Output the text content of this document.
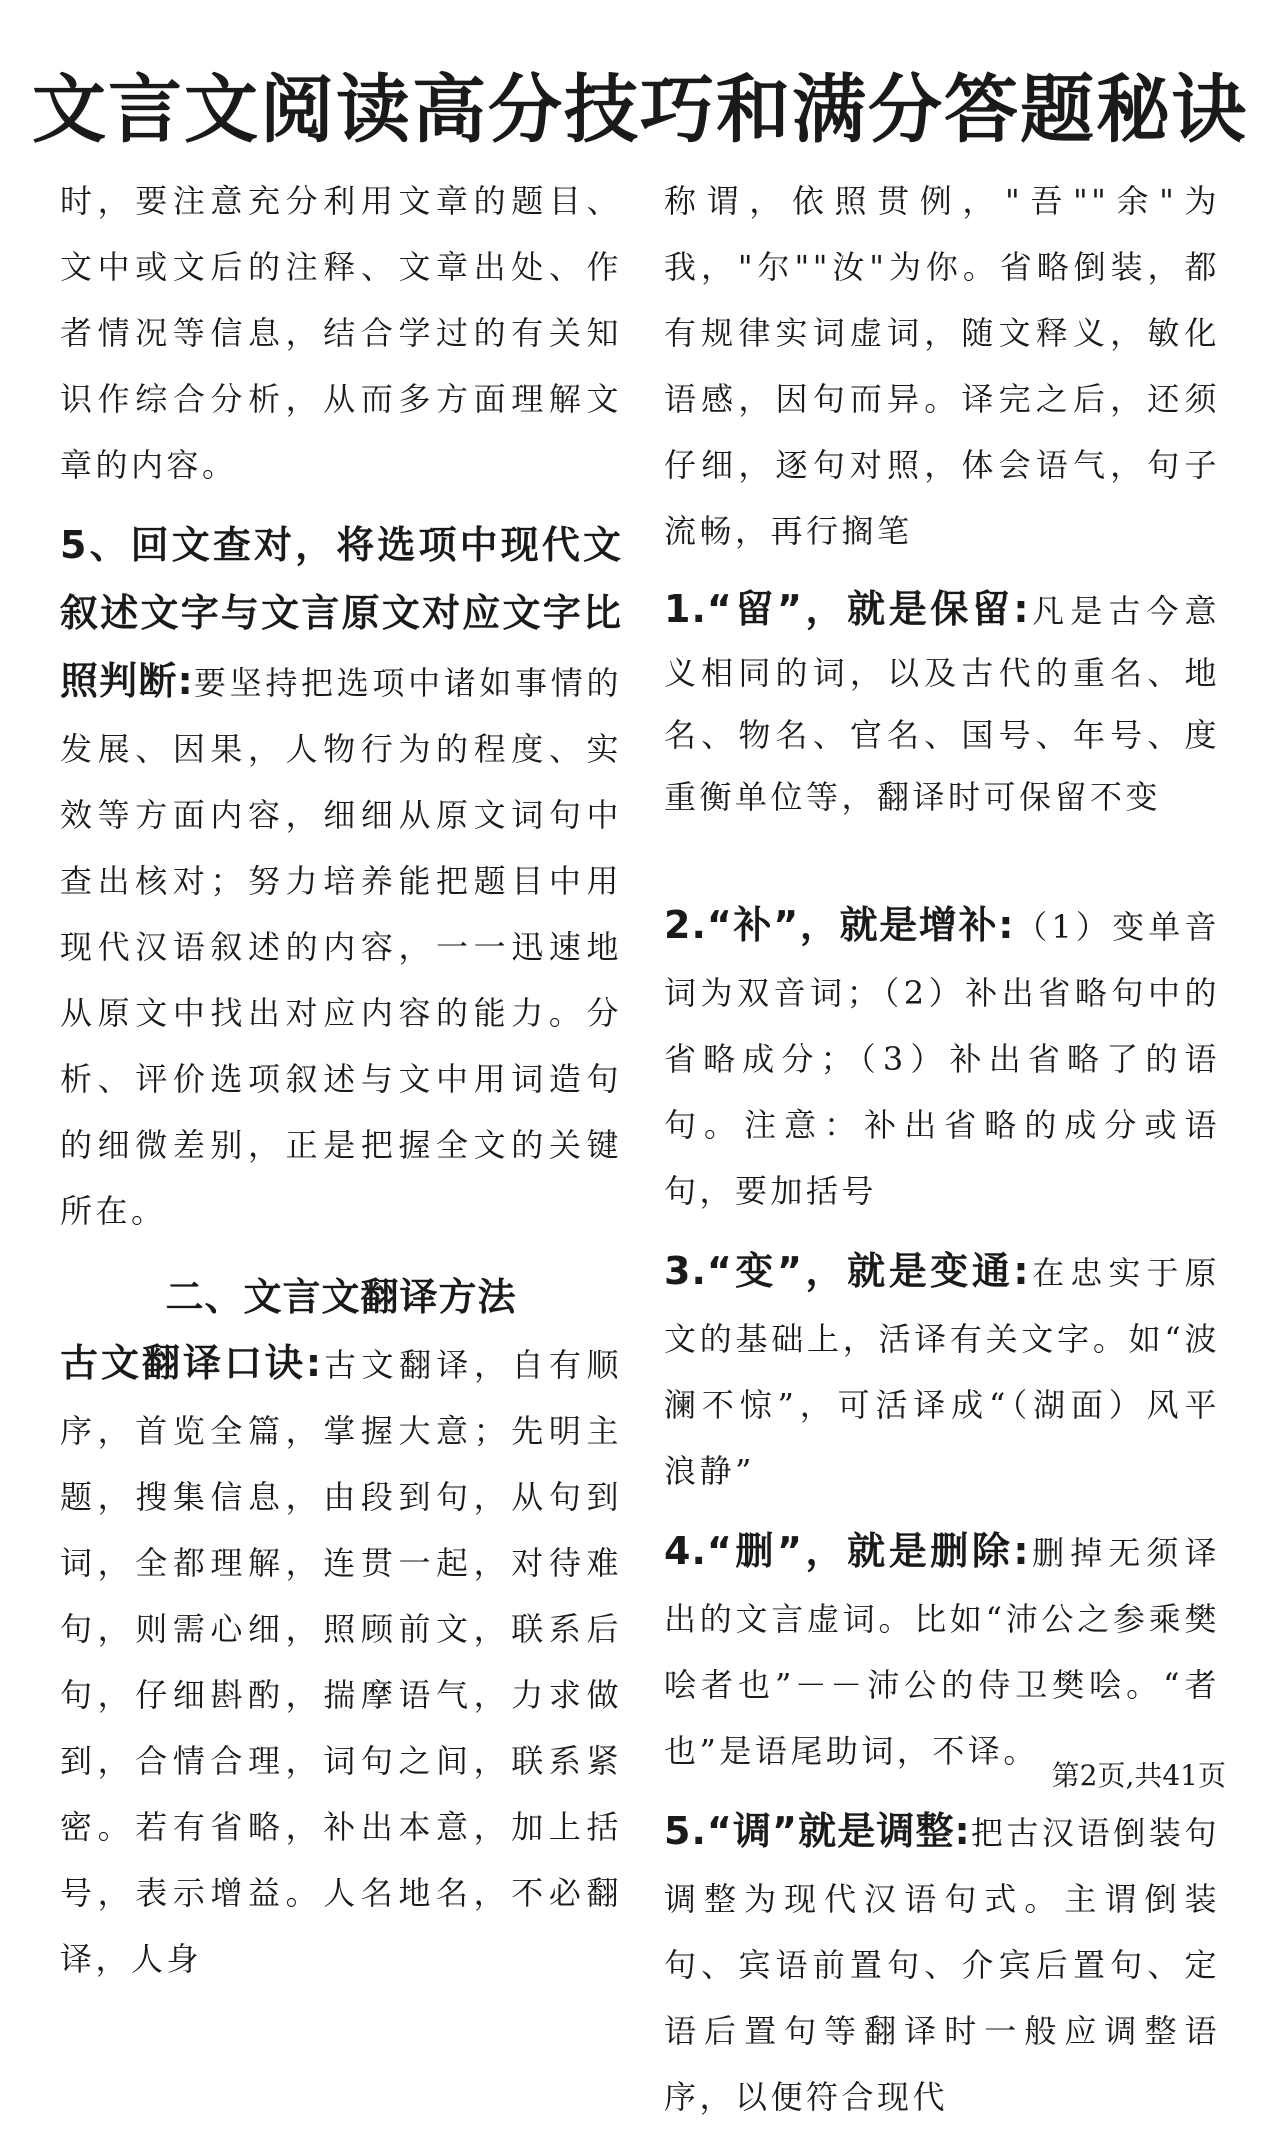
文言文阅读高分技巧和满分答题秘诀

时，要注意充分利用文章的题目、文中或文后的注释、文章出处、作者情况等信息，结合学过的有关知识作综合分析，从而多方面理解文章的内容。

5、回文查对，将选项中现代文叙述文字与文言原文对应文字比照判断:要坚持把选项中诸如事情的发展、因果，人物行为的程度、实效等方面内容，细细从原文词句中查出核对；努力培养能把题目中用现代汉语叙述的内容，一一迅速地从原文中找出对应内容的能力。分析、评价选项叙述与文中用词造句的细微差别，正是把握全文的关键所在。

二、文言文翻译方法

古文翻译口诀:古文翻译，自有顺序，首览全篇，掌握大意；先明主题，搜集信息，由段到句，从句到词，全都理解，连贯一起，对待难句，则需心细，照顾前文，联系后句，仔细斟酌，揣摩语气，力求做到，合情合理，词句之间，联系紧密。若有省略，补出本意，加上括号，表示增益。人名地名，不必翻译，人身

称谓，依照贯例，"吾""余"为我，"尔""汝"为你。省略倒装，都有规律实词虚词，随文释义，敏化语感，因句而异。译完之后，还须仔细，逐句对照，体会语气，句子流畅，再行搁笔

1.“留”，就是保留:凡是古今意义相同的词，以及古代的重名、地名、物名、官名、国号、年号、度重衡单位等，翻译时可保留不变

2.“补”，就是增补:（1）变单音词为双音词；（2）补出省略句中的省略成分；（3）补出省略了的语句。注意：补出省略的成分或语句，要加括号

3.“变”，就是变通:在忠实于原文的基础上，活译有关文字。如“波澜不惊”，可活译成“（湖面）风平浪静”

4.“删”，就是删除:删掉无须译出的文言虚词。比如“沛公之参乘樊哙者也”－－沛公的侍卫樊哙。“者也”是语尾助词，不译。

5.“调”就是调整:把古汉语倒装句调整为现代汉语句式。主谓倒装句、宾语前置句、介宾后置句、定语后置句等翻译时一般应调整语序，以便符合现代

第2页,共41页
